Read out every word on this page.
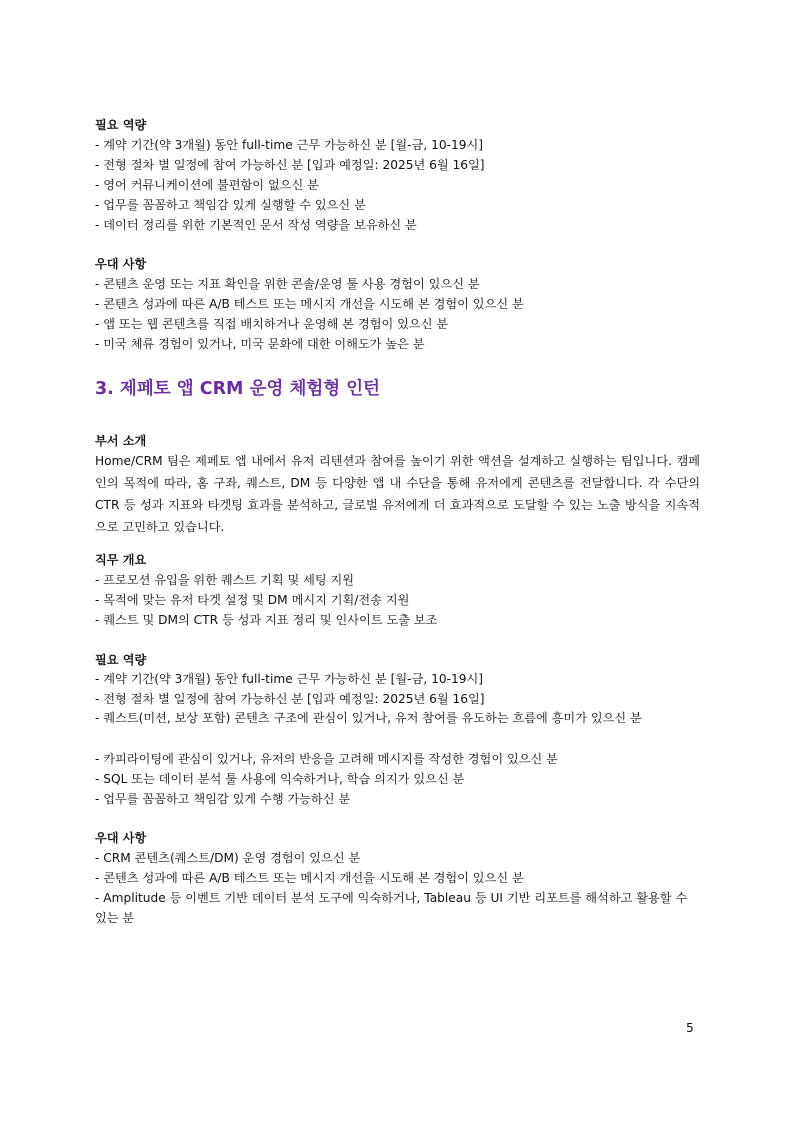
필요 역량
- 계약 기간(약 3개월) 동안 full-time 근무 가능하신 분 [월-금, 10-19시]
- 전형 절차 별 일정에 참여 가능하신 분 [입과 예정일: 2025년 6월 16일]
- 영어 커뮤니케이션에 불편함이 없으신 분
- 업무를 꼼꼼하고 책임감 있게 실행할 수 있으신 분
- 데이터 정리를 위한 기본적인 문서 작성 역량을 보유하신 분
우대 사항
- 콘텐츠 운영 또는 지표 확인을 위한 콘솔/운영 툴 사용 경험이 있으신 분
- 콘텐츠 성과에 따른 A/B 테스트 또는 메시지 개선을 시도해 본 경험이 있으신 분
- 앱 또는 웹 콘텐츠를 직접 배치하거나 운영해 본 경험이 있으신 분
- 미국 체류 경험이 있거나, 미국 문화에 대한 이해도가 높은 분
3. 제페토 앱 CRM 운영 체험형 인턴
부서 소개
Home/CRM 팀은 제페토 앱 내에서 유저 리텐션과 참여를 높이기 위한 액션을 설계하고 실행하는 팀입니다. 캠페인의 목적에 따라, 홈 구좌, 퀘스트, DM 등 다양한 앱 내 수단을 통해 유저에게 콘텐츠를 전달합니다. 각 수단의 CTR 등 성과 지표와 타겟팅 효과를 분석하고, 글로벌 유저에게 더 효과적으로 도달할 수 있는 노출 방식을 지속적으로 고민하고 있습니다.
직무 개요
- 프로모션 유입을 위한 퀘스트 기획 및 세팅 지원
- 목적에 맞는 유저 타겟 설정 및 DM 메시지 기획/전송 지원
- 퀘스트 및 DM의 CTR 등 성과 지표 정리 및 인사이트 도출 보조
필요 역량
- 계약 기간(약 3개월) 동안 full-time 근무 가능하신 분 [월-금, 10-19시]
- 전형 절차 별 일정에 참여 가능하신 분 [입과 예정일: 2025년 6월 16일]
- 퀘스트(미션, 보상 포함) 콘텐츠 구조에 관심이 있거나, 유저 참여를 유도하는 흐름에 흥미가 있으신 분
- 카피라이팅에 관심이 있거나, 유저의 반응을 고려해 메시지를 작성한 경험이 있으신 분
- SQL 또는 데이터 분석 툴 사용에 익숙하거나, 학습 의지가 있으신 분
- 업무를 꼼꼼하고 책임감 있게 수행 가능하신 분
우대 사항
- CRM 콘텐츠(퀘스트/DM) 운영 경험이 있으신 분
- 콘텐츠 성과에 따른 A/B 테스트 또는 메시지 개선을 시도해 본 경험이 있으신 분
- Amplitude 등 이벤트 기반 데이터 분석 도구에 익숙하거나, Tableau 등 UI 기반 리포트를 해석하고 활용할 수 있는 분
5
